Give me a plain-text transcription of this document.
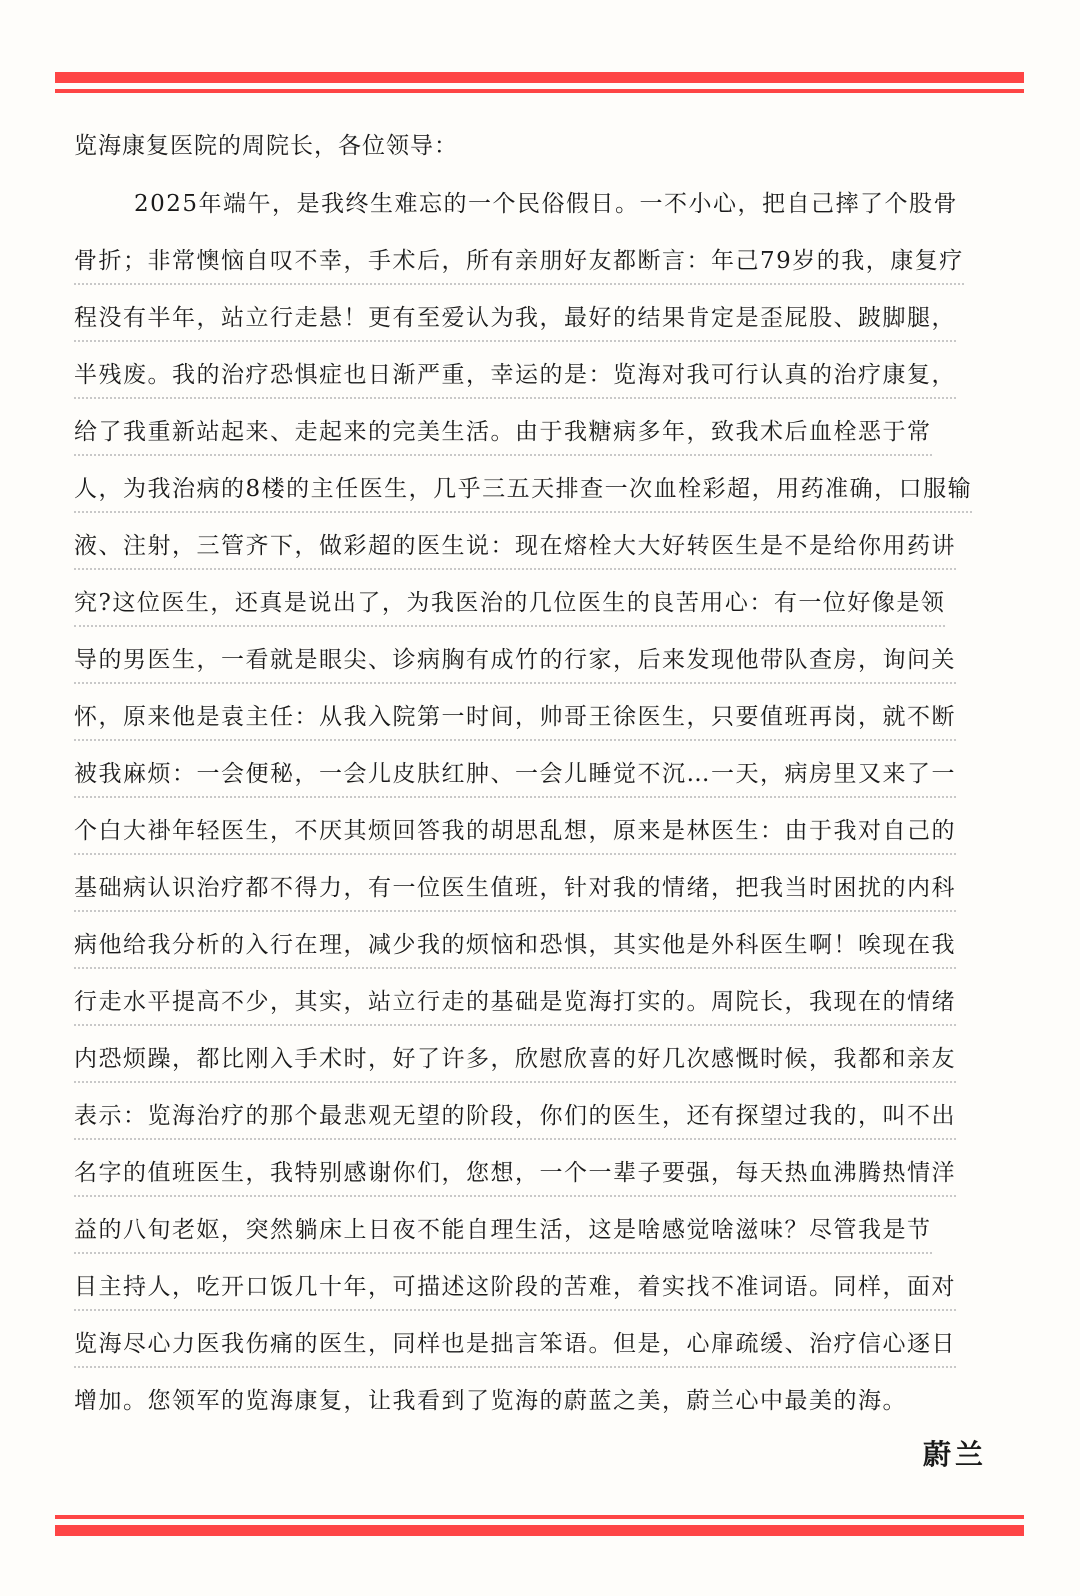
览海康复医院的周院长，各位领导：

2025年端午，是我终生难忘的一个民俗假日。一不小心，把自己摔了个股骨
骨折；非常懊恼自叹不幸，手术后，所有亲朋好友都断言：年己79岁的我，康复疗
程没有半年，站立行走悬！更有至爱认为我，最好的结果肯定是歪屁股、跛脚腿，
半残废。我的治疗恐惧症也日渐严重，幸运的是：览海对我可行认真的治疗康复，
给了我重新站起来、走起来的完美生活。由于我糖病多年，致我术后血栓恶于常
人，为我治病的8楼的主任医生，几乎三五天排查一次血栓彩超，用药准确，口服输
液、注射，三管齐下，做彩超的医生说：现在熔栓大大好转医生是不是给你用药讲
究?这位医生，还真是说出了，为我医治的几位医生的良苦用心：有一位好像是领
导的男医生，一看就是眼尖、诊病胸有成竹的行家，后来发现他带队查房，询问关
怀，原来他是袁主任：从我入院第一时间，帅哥王徐医生，只要值班再岗，就不断
被我麻烦：一会便秘，一会儿皮肤红肿、一会儿睡觉不沉…一天，病房里又来了一
个白大褂年轻医生，不厌其烦回答我的胡思乱想，原来是林医生：由于我对自己的
基础病认识治疗都不得力，有一位医生值班，针对我的情绪，把我当时困扰的内科
病他给我分析的入行在理，减少我的烦恼和恐惧，其实他是外科医生啊！唉现在我
行走水平提高不少，其实，站立行走的基础是览海打实的。周院长，我现在的情绪
内恐烦躁，都比刚入手术时，好了许多，欣慰欣喜的好几次感慨时候，我都和亲友
表示：览海治疗的那个最悲观无望的阶段，你们的医生，还有探望过我的，叫不出
名字的值班医生，我特别感谢你们，您想，一个一辈子要强，每天热血沸腾热情洋
益的八旬老妪，突然躺床上日夜不能自理生活，这是啥感觉啥滋味？尽管我是节
目主持人，吃开口饭几十年，可描述这阶段的苦难，着实找不准词语。同样，面对
览海尽心力医我伤痛的医生，同样也是拙言笨语。但是，心扉疏缓、治疗信心逐日
增加。您领军的览海康复，让我看到了览海的蔚蓝之美，蔚兰心中最美的海。
蔚兰
